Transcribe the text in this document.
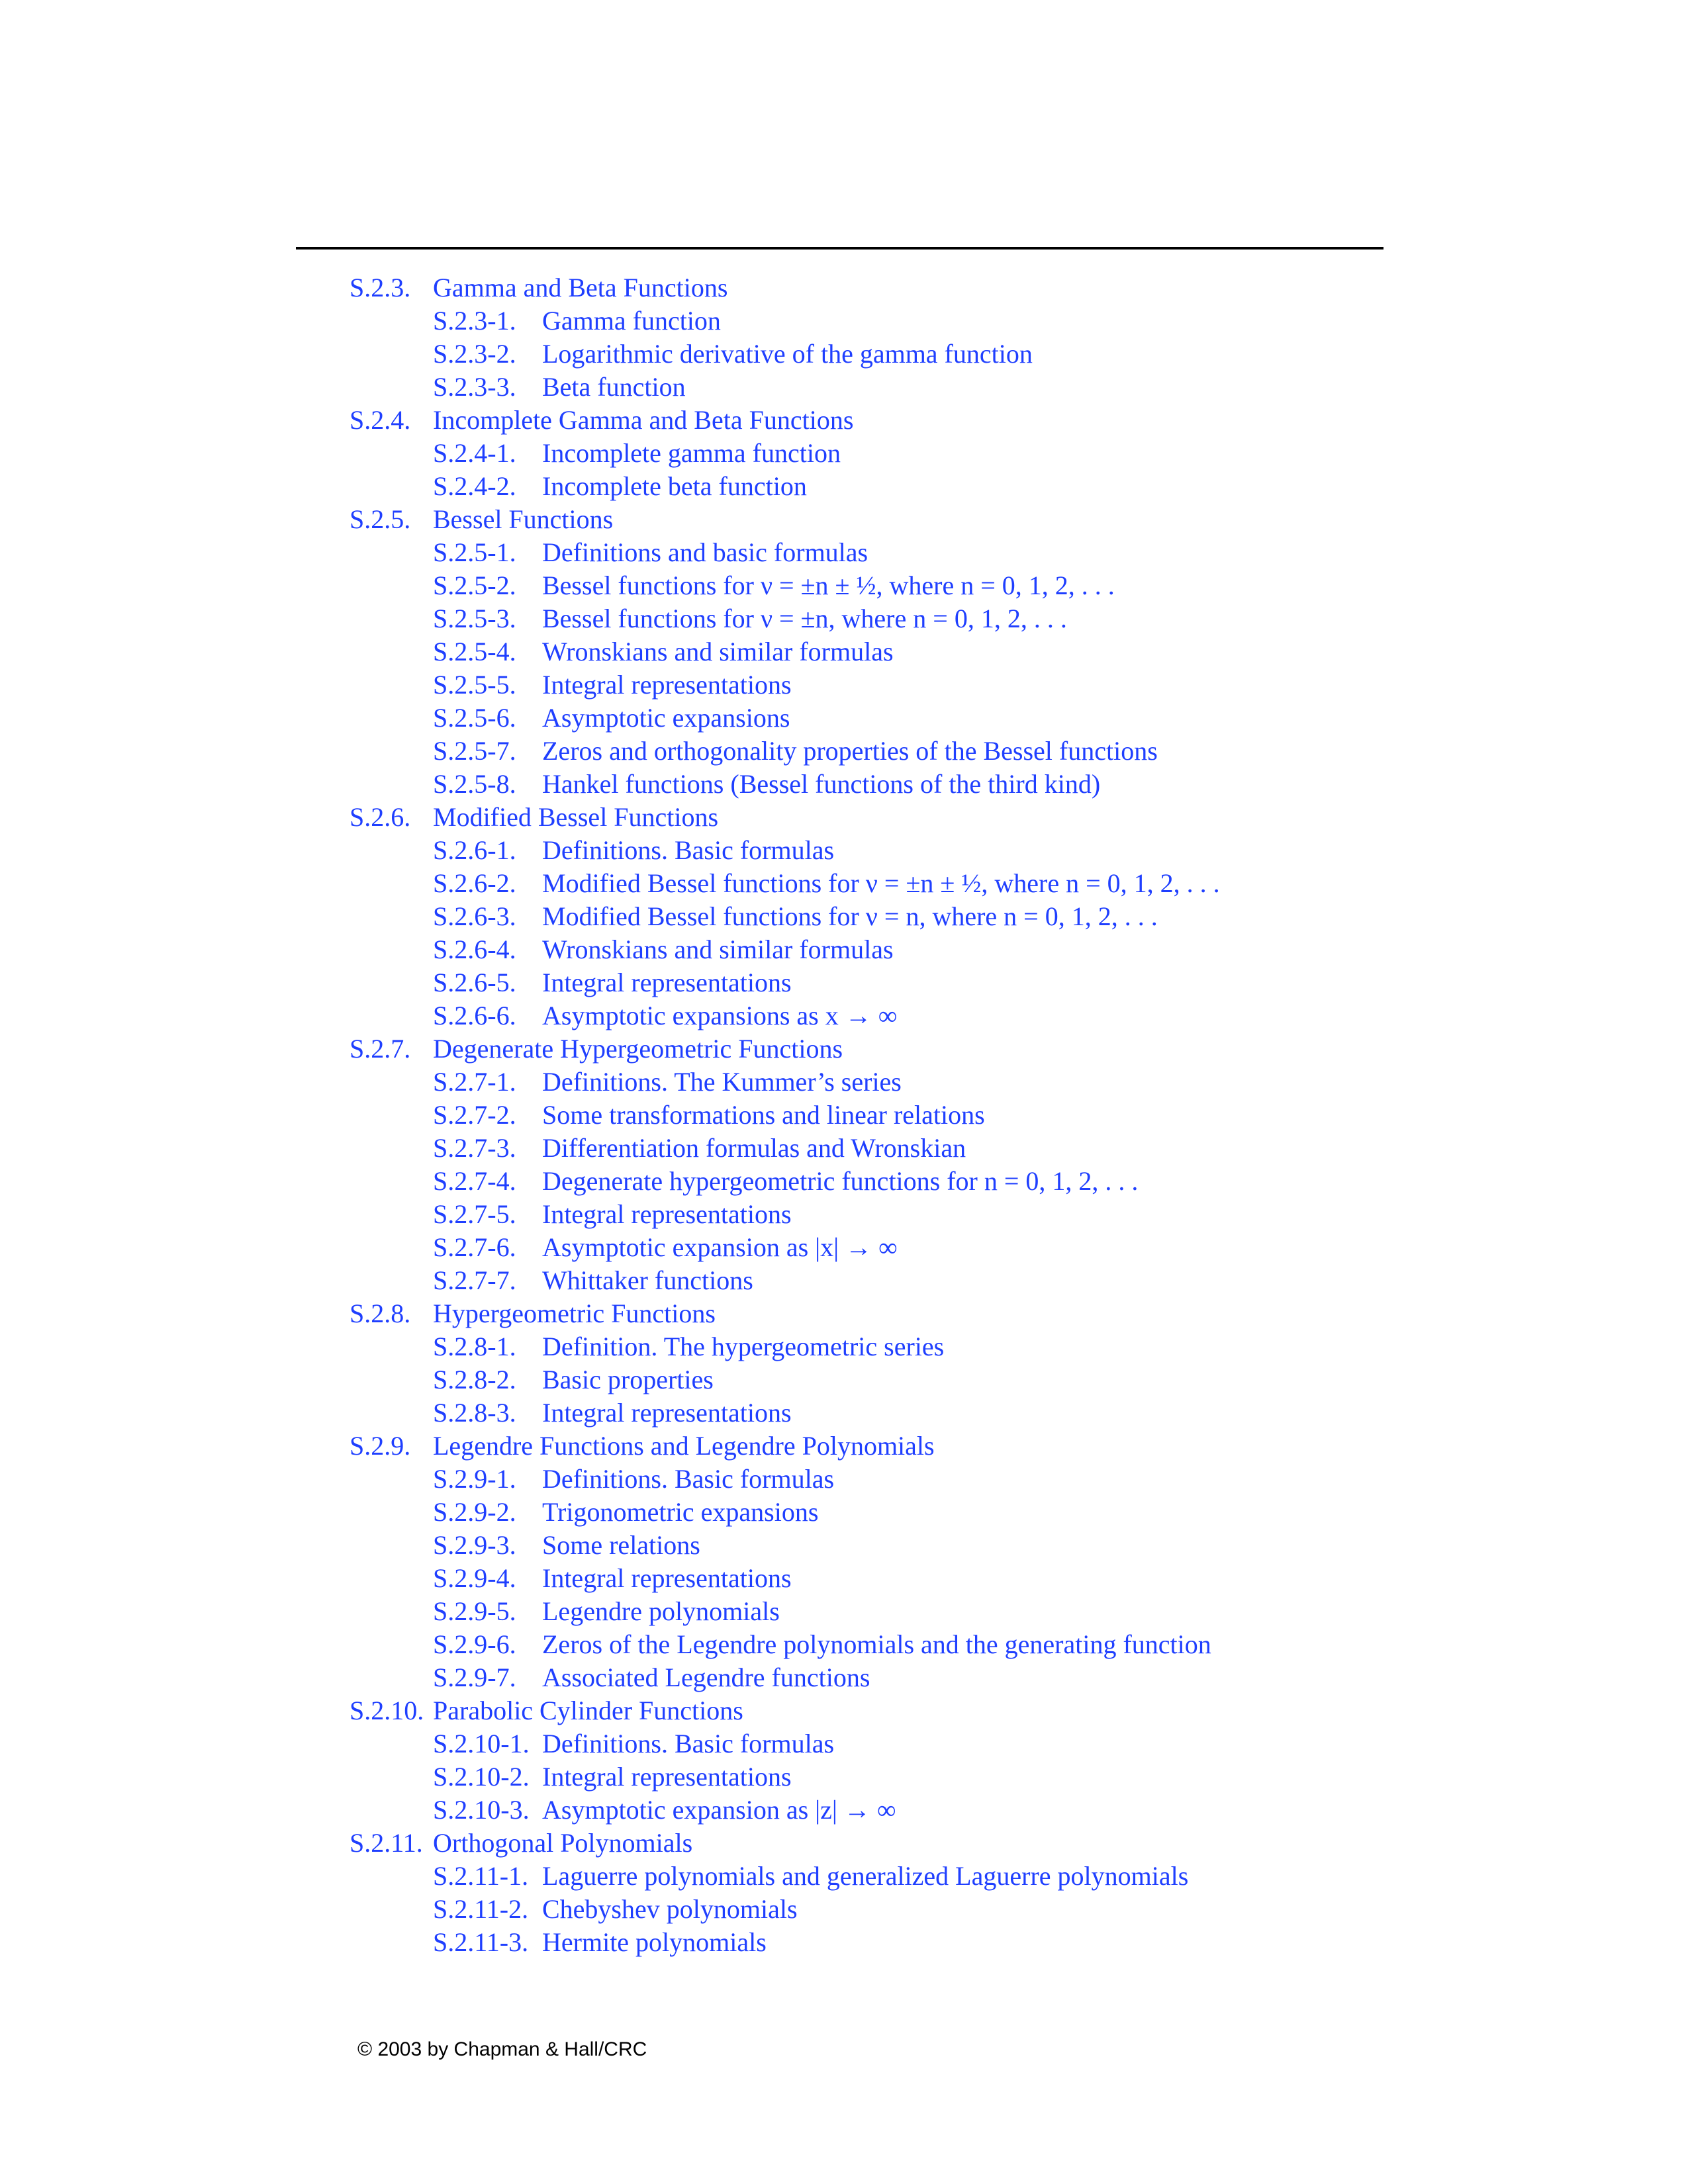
S.2.3. Gamma and Beta Functions
S.2.3-1. Gamma function
S.2.3-2. Logarithmic derivative of the gamma function
S.2.3-3. Beta function
S.2.4. Incomplete Gamma and Beta Functions
S.2.4-1. Incomplete gamma function
S.2.4-2. Incomplete beta function
S.2.5. Bessel Functions
S.2.5-1. Definitions and basic formulas
S.2.5-2. Bessel functions for ν = ±n ± ½, where n = 0, 1, 2, . . .
S.2.5-3. Bessel functions for ν = ±n, where n = 0, 1, 2, . . .
S.2.5-4. Wronskians and similar formulas
S.2.5-5. Integral representations
S.2.5-6. Asymptotic expansions
S.2.5-7. Zeros and orthogonality properties of the Bessel functions
S.2.5-8. Hankel functions (Bessel functions of the third kind)
S.2.6. Modified Bessel Functions
S.2.6-1. Definitions. Basic formulas
S.2.6-2. Modified Bessel functions for ν = ±n ± ½, where n = 0, 1, 2, . . .
S.2.6-3. Modified Bessel functions for ν = n, where n = 0, 1, 2, . . .
S.2.6-4. Wronskians and similar formulas
S.2.6-5. Integral representations
S.2.6-6. Asymptotic expansions as x → ∞
S.2.7. Degenerate Hypergeometric Functions
S.2.7-1. Definitions. The Kummer’s series
S.2.7-2. Some transformations and linear relations
S.2.7-3. Differentiation formulas and Wronskian
S.2.7-4. Degenerate hypergeometric functions for n = 0, 1, 2, . . .
S.2.7-5. Integral representations
S.2.7-6. Asymptotic expansion as |x| → ∞
S.2.7-7. Whittaker functions
S.2.8. Hypergeometric Functions
S.2.8-1. Definition. The hypergeometric series
S.2.8-2. Basic properties
S.2.8-3. Integral representations
S.2.9. Legendre Functions and Legendre Polynomials
S.2.9-1. Definitions. Basic formulas
S.2.9-2. Trigonometric expansions
S.2.9-3. Some relations
S.2.9-4. Integral representations
S.2.9-5. Legendre polynomials
S.2.9-6. Zeros of the Legendre polynomials and the generating function
S.2.9-7. Associated Legendre functions
S.2.10. Parabolic Cylinder Functions
S.2.10-1. Definitions. Basic formulas
S.2.10-2. Integral representations
S.2.10-3. Asymptotic expansion as |z| → ∞
S.2.11. Orthogonal Polynomials
S.2.11-1. Laguerre polynomials and generalized Laguerre polynomials
S.2.11-2. Chebyshev polynomials
S.2.11-3. Hermite polynomials
© 2003 by Chapman & Hall/CRC
